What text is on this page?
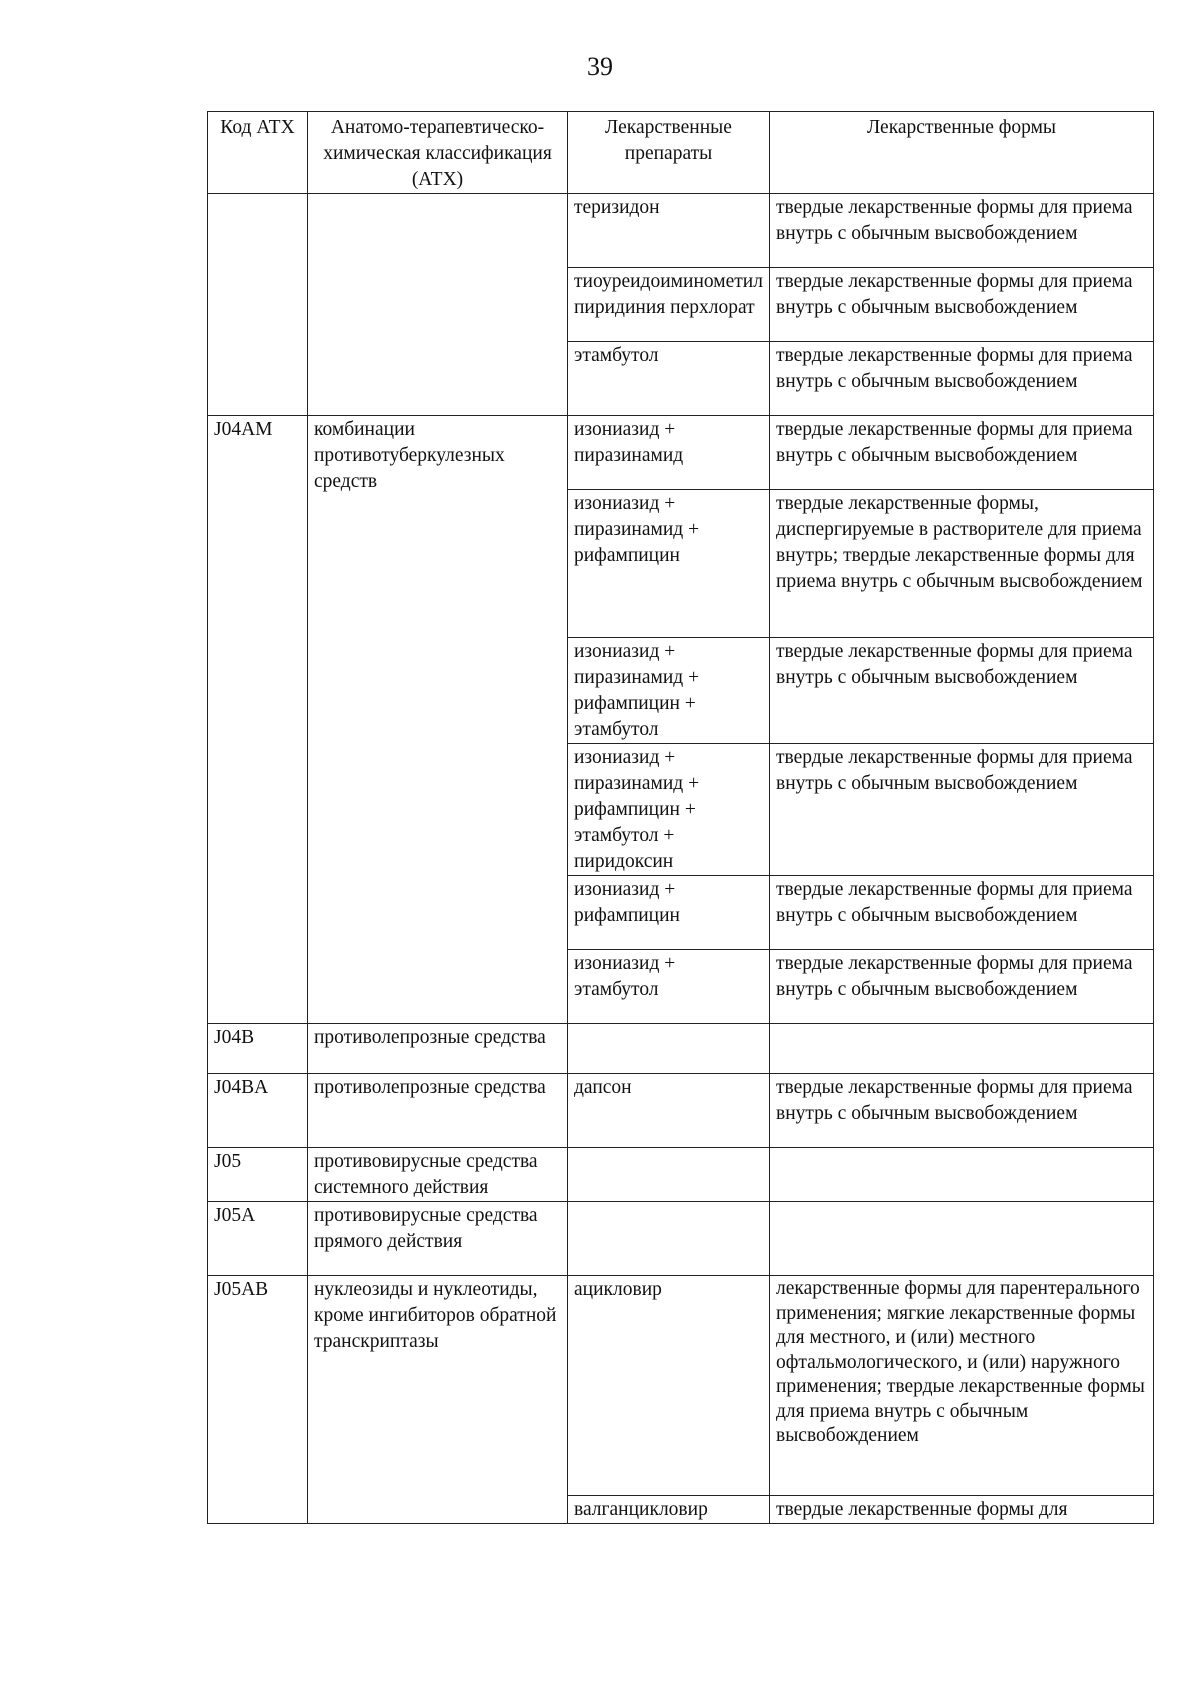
39
Код АТХ	Анатомо-терапевтическо-химическая классификация (АТХ)	Лекарственные препараты	Лекарственные формы
		теризидон	твердые лекарственные формы для приема внутрь с обычным высвобождением
		тиоуреидоиминометилпиридиния перхлорат	твердые лекарственные формы для приема внутрь с обычным высвобождением
		этамбутол	твердые лекарственные формы для приема внутрь с обычным высвобождением
J04AM	комбинации противотуберкулезных средств	изониазид + пиразинамид	твердые лекарственные формы для приема внутрь с обычным высвобождением
		изониазид + пиразинамид + рифампицин	твердые лекарственные формы, диспергируемые в растворителе для приема внутрь; твердые лекарственные формы для приема внутрь с обычным высвобождением
		изониазид + пиразинамид + рифампицин + этамбутол	твердые лекарственные формы для приема внутрь с обычным высвобождением
		изониазид + пиразинамид + рифампицин + этамбутол + пиридоксин	твердые лекарственные формы для приема внутрь с обычным высвобождением
		изониазид + рифампицин	твердые лекарственные формы для приема внутрь с обычным высвобождением
		изониазид + этамбутол	твердые лекарственные формы для приема внутрь с обычным высвобождением
J04B	противолепрозные средства		
J04BA	противолепрозные средства	дапсон	твердые лекарственные формы для приема внутрь с обычным высвобождением
J05	противовирусные средства системного действия		
J05A	противовирусные средства прямого действия		
J05AB	нуклеозиды и нуклеотиды, кроме ингибиторов обратной транскриптазы	ацикловир	лекарственные формы для парентерального применения; мягкие лекарственные формы для местного, и (или) местного офтальмологического, и (или) наружного применения; твердые лекарственные формы для приема внутрь с обычным высвобождением
		валганцикловир	твердые лекарственные формы для
